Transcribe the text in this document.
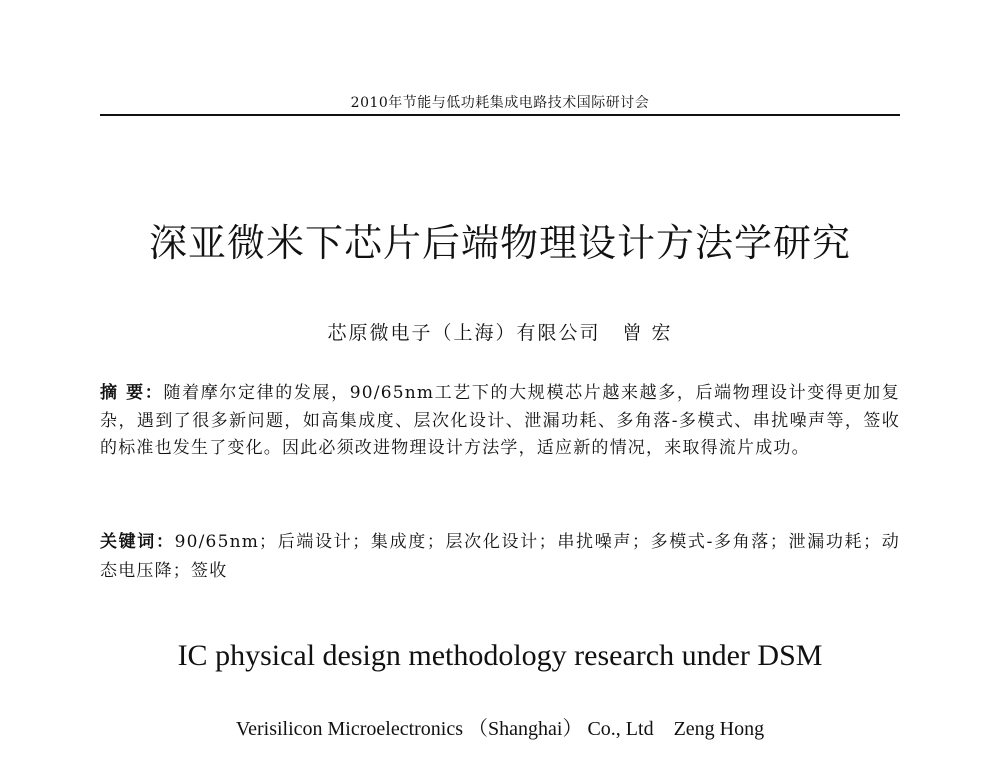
2010年节能与低功耗集成电路技术国际研讨会
深亚微米下芯片后端物理设计方法学研究
芯原微电子（上海）有限公司 曾 宏
摘 要：随着摩尔定律的发展，90/65nm工艺下的大规模芯片越来越多，后端物理设计变得更加复杂，遇到了很多新问题，如高集成度、层次化设计、泄漏功耗、多角落-多模式、串扰噪声等，签收的标准也发生了变化。因此必须改进物理设计方法学，适应新的情况，来取得流片成功。
关键词：90/65nm；后端设计；集成度；层次化设计；串扰噪声；多模式-多角落；泄漏功耗；动态电压降；签收
IC physical design methodology research under DSM
Verisilicon Microelectronics （Shanghai） Co., Ltd Zeng Hong
